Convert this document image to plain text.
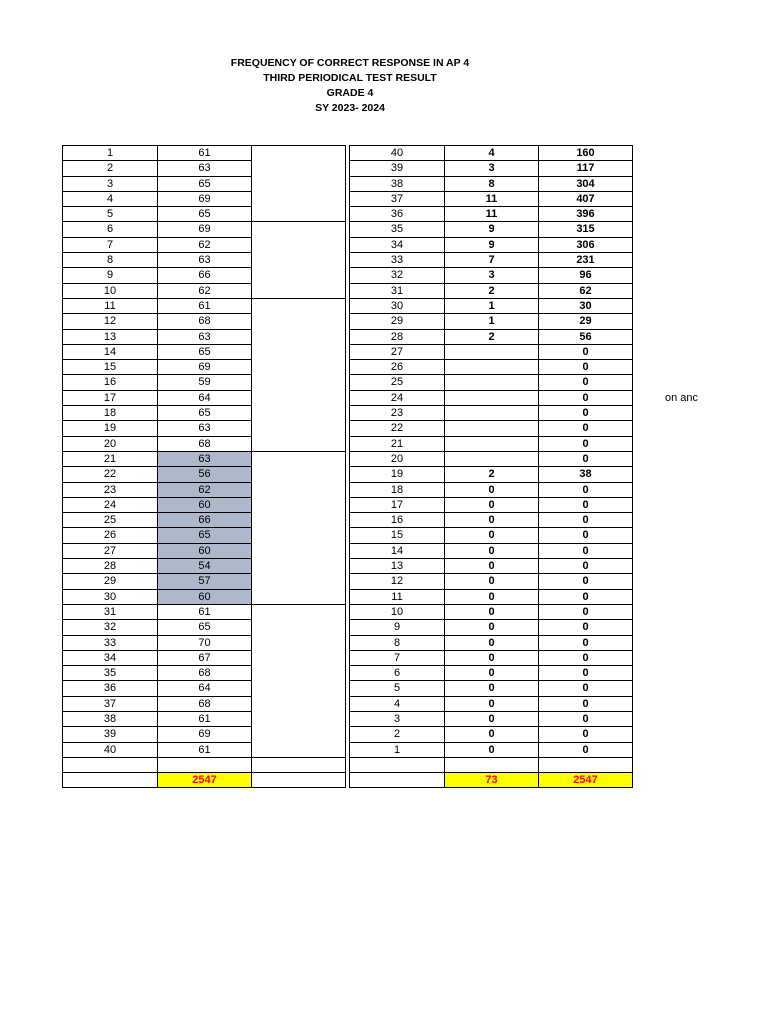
FREQUENCY OF CORRECT RESPONSE IN AP 4
THIRD PERIODICAL TEST RESULT
GRADE 4
SY 2023- 2024
on anc
1	61	
2	63	
3	65	
4	69	
5	65	
6	69	
7	62	
8	63	
9	66	
10	62	
11	61	
12	68	
13	63	
14	65	
15	69	
16	59	
17	64	
18	65	
19	63	
20	68	
21	63	
22	56	
23	62	
24	60	
25	66	
26	65	
27	60	
28	54	
29	57	
30	60	
31	61	
32	65	
33	70	
34	67	
35	68	
36	64	
37	68	
38	61	
39	69	
40	61	

	2547	
40	4	160
39	3	117
38	8	304
37	11	407
36	11	396
35	9	315
34	9	306
33	7	231
32	3	96
31	2	62
30	1	30
29	1	29
28	2	56
27		0
26		0
25		0
24		0
23		0
22		0
21		0
20		0
19	2	38
18	0	0
17	0	0
16	0	0
15	0	0
14	0	0
13	0	0
12	0	0
11	0	0
10	0	0
9	0	0
8	0	0
7	0	0
6	0	0
5	0	0
4	0	0
3	0	0
2	0	0
1	0	0

	73	2547
